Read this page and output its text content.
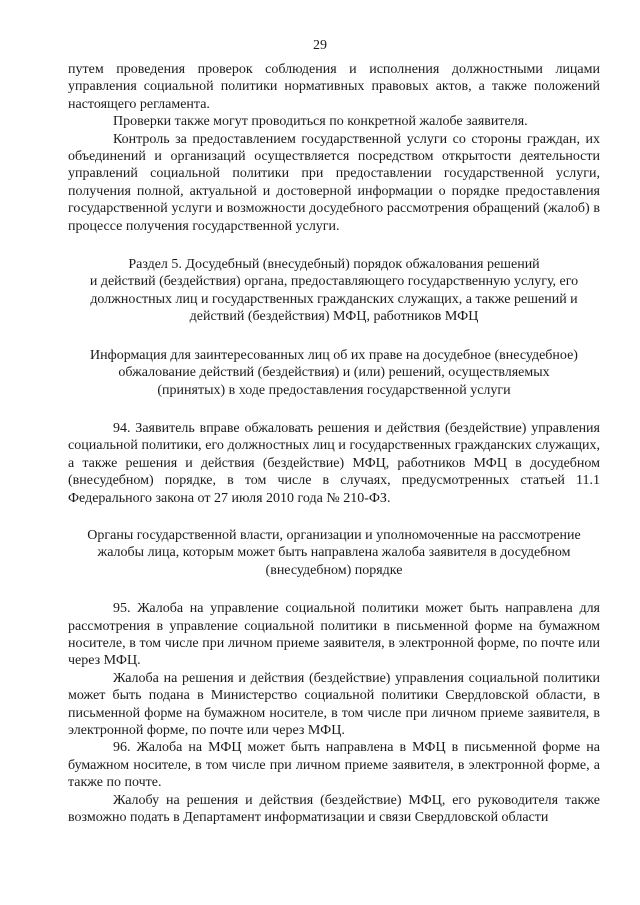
29

путем проведения проверок соблюдения и исполнения должностными лицами управления социальной политики нормативных правовых актов, а также положений настоящего регламента.

Проверки также могут проводиться по конкретной жалобе заявителя.

Контроль за предоставлением государственной услуги со стороны граждан, их объединений и организаций осуществляется посредством открытости деятельности управлений социальной политики при предоставлении государственной услуги, получения полной, актуальной и достоверной информации о порядке предоставления государственной услуги и возможности досудебного рассмотрения обращений (жалоб) в процессе получения государственной услуги.

Раздел 5. Досудебный (внесудебный) порядок обжалования решений
и действий (бездействия) органа, предоставляющего государственную услугу, его
должностных лиц и государственных гражданских служащих, а также решений и
действий (бездействия) МФЦ, работников МФЦ
Информация для заинтересованных лиц об их праве на досудебное (внесудебное)
обжалование действий (бездействия) и (или) решений, осуществляемых
(принятых) в ходе предоставления государственной услуги

94. Заявитель вправе обжаловать решения и действия (бездействие) управления социальной политики, его должностных лиц и государственных гражданских служащих, а также решения и действия (бездействие) МФЦ, работников МФЦ в досудебном (внесудебном) порядке, в том числе в случаях, предусмотренных статьей 11.1 Федерального закона от 27 июля 2010 года № 210-ФЗ.

Органы государственной власти, организации и уполномоченные на рассмотрение
жалобы лица, которым может быть направлена жалоба заявителя в досудебном
(внесудебном) порядке

95. Жалоба на управление социальной политики может быть направлена для рассмотрения в управление социальной политики в письменной форме на бумажном носителе, в том числе при личном приеме заявителя, в электронной форме, по почте или через МФЦ.

Жалоба на решения и действия (бездействие) управления социальной политики может быть подана в Министерство социальной политики Свердловской области, в письменной форме на бумажном носителе, в том числе при личном приеме заявителя, в электронной форме, по почте или через МФЦ.

96. Жалоба на МФЦ может быть направлена в МФЦ в письменной форме на бумажном носителе, в том числе при личном приеме заявителя, в электронной форме, а также по почте.

Жалобу на решения и действия (бездействие) МФЦ, его руководителя также возможно подать в Департамент информатизации и связи Свердловской области
